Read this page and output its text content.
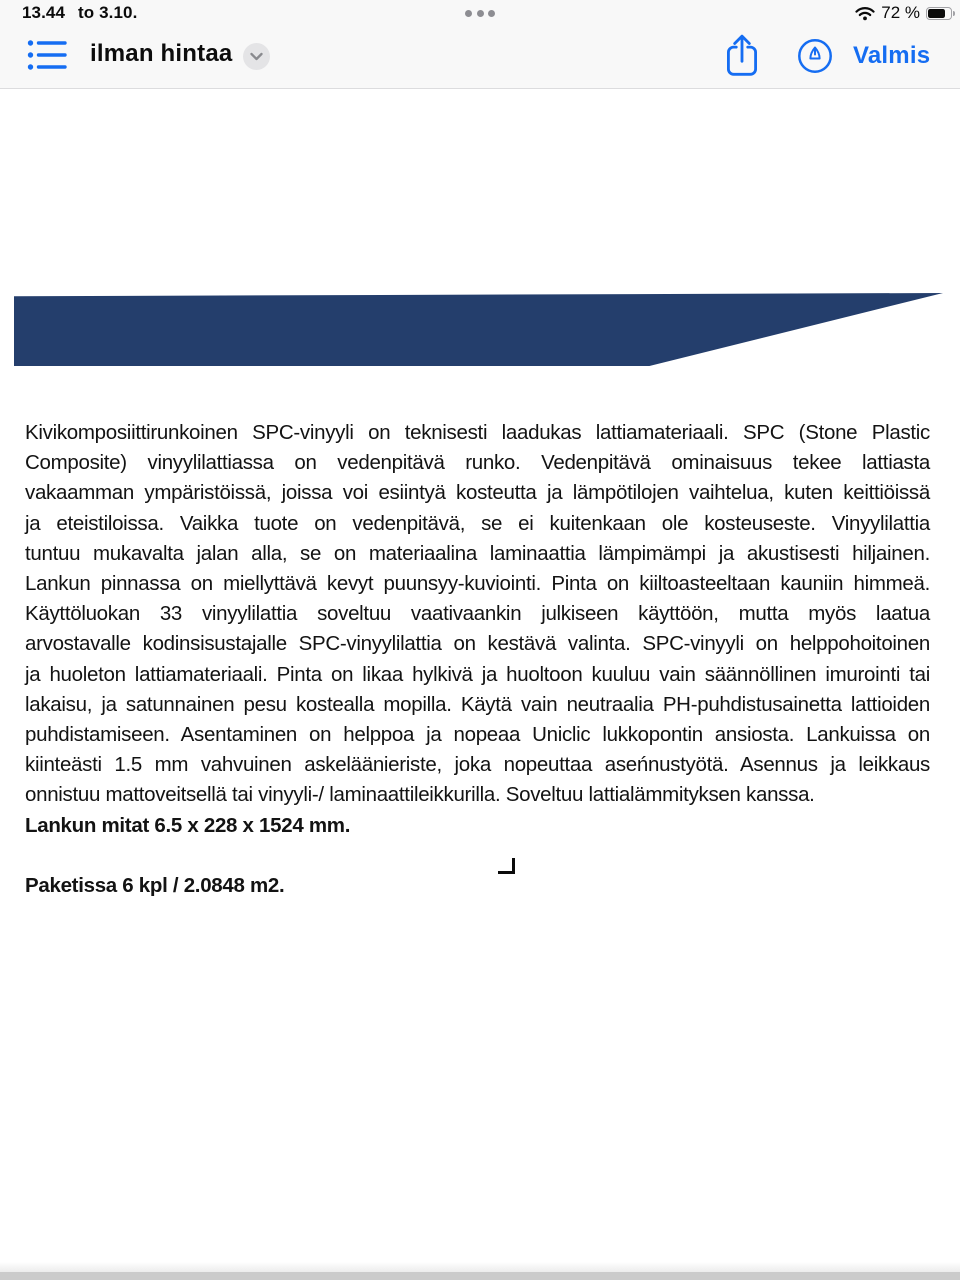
13.44 to 3.10.	72 %
ilman hintaa	Valmis
Kivikomposiittirunkoinen SPC-vinyyli on teknisesti laadukas lattiamateriaali. SPC (Stone Plastic
Composite) vinyylilattiassa on vedenpitävä runko. Vedenpitävä ominaisuus tekee lattiasta
vakaamman ympäristöissä, joissa voi esiintyä kosteutta ja lämpötilojen vaihtelua, kuten keittiöissä
ja eteistiloissa. Vaikka tuote on vedenpitävä, se ei kuitenkaan ole kosteuseste. Vinyylilattia
tuntuu mukavalta jalan alla, se on materiaalina laminaattia lämpimämpi ja akustisesti hiljainen.
Lankun pinnassa on miellyttävä kevyt puunsyy-kuviointi. Pinta on kiiltoasteeltaan kauniin himmeä.
Käyttöluokan 33 vinyylilattia soveltuu vaativaankin julkiseen käyttöön, mutta myös laatua
arvostavalle kodinsisustajalle SPC-vinyylilattia on kestävä valinta. SPC-vinyyli on helppohoitoinen
ja huoleton lattiamateriaali. Pinta on likaa hylkivä ja huoltoon kuuluu vain säännöllinen imurointi tai
lakaisu, ja satunnainen pesu kostealla mopilla. Käytä vain neutraalia PH-puhdistusainetta lattioiden
puhdistamiseen. Asentaminen on helppoa ja nopeaa Uniclic lukkopontin ansiosta. Lankuissa on
kiinteästi 1.5 mm vahvuinen askeläänieriste, joka nopeuttaa aseńnustyötä. Asennus ja leikkaus
onnistuu mattoveitsellä tai vinyyli-/ laminaattileikkurilla. Soveltuu lattialämmityksen kanssa.
Lankun mitat 6.5 x 228 x 1524 mm.
Paketissa 6 kpl / 2.0848 m2.
